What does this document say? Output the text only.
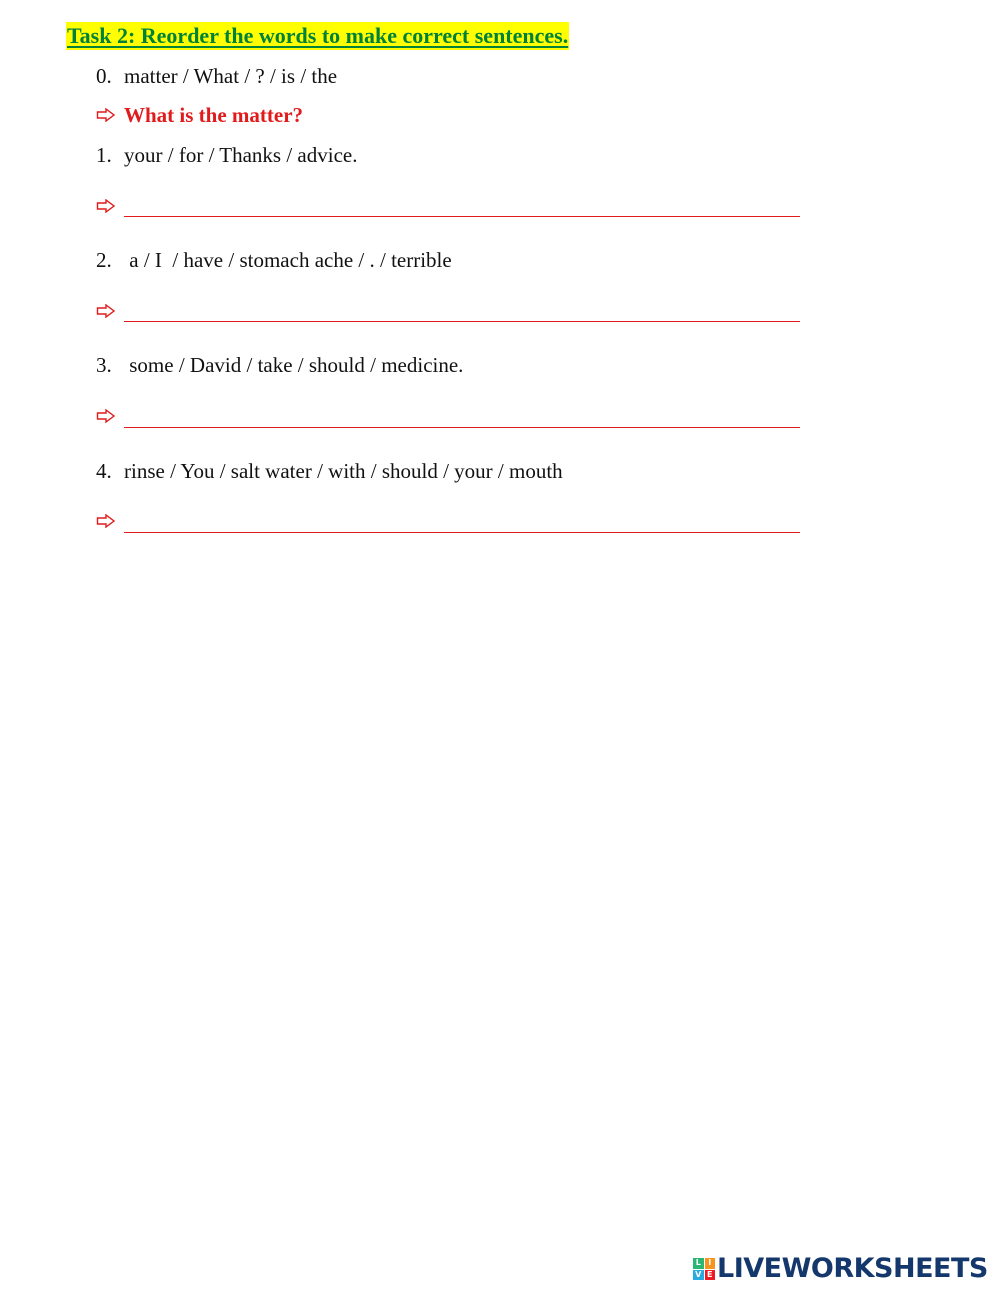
Task 2: Reorder the words to make correct sentences.
0. matter / What / ? / is / the
What is the matter?
1. your / for / Thanks / advice.
2. a / I  / have / stomach ache / . / terrible
3. some / David / take / should / medicine.
4. rinse / You / salt water / with / should / your / mouth
L I
V E LIVEWORKSHEETS
